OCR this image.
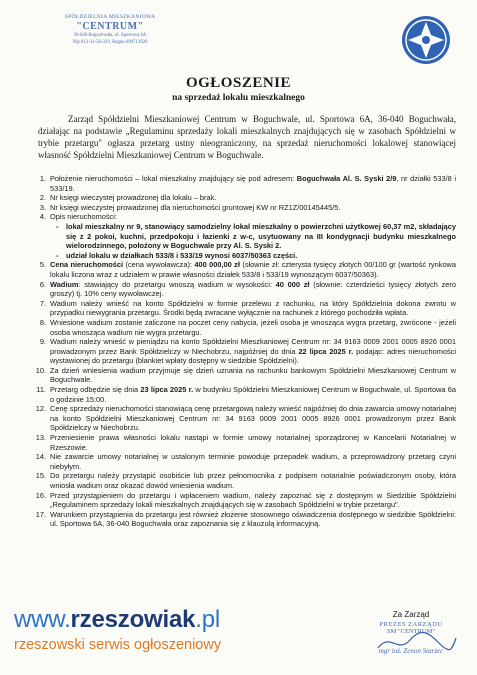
SPÓŁDZIELNIA MIESZKANIOWA
"CENTRUM"
36-040 Boguchwała, ul. Sportowa 6A
Nip 813-31-56-339, Regon 690713926
OGŁOSZENIE
na sprzedaż lokalu mieszkalnego
Zarząd Spółdzielni Mieszkaniowej Centrum w Boguchwale, ul. Sportowa 6A, 36-040 Boguchwała, działając na podstawie „Regulaminu sprzedaży lokali mieszkalnych znajdujących się w zasobach Spółdzielni w trybie przetargu" ogłasza przetarg ustny nieograniczony, na sprzedaż nieruchomości lokalowej stanowiącej własność Spółdzielni Mieszkaniowej Centrum w Boguchwale.
1. Położenie nieruchomości – lokal mieszkalny znajdujący się pod adresem: Boguchwała Al. S. Syski 2/9, nr działki 533/8 i 533/19.
2. Nr księgi wieczystej prowadzonej dla lokalu – brak.
3. Nr księgi wieczystej prowadzonej dla nieruchomości gruntowej KW nr RZ1Z/00145445/5.
4. Opis nieruchomości:
-	lokal mieszkalny nr 9, stanowiący samodzielny lokal mieszkalny o powierzchni użytkowej 60,37 m2, składający się z 2 pokoi, kuchni, przedpokoju i łazienki z w-c, usytuowany na III kondygnacji budynku mieszkalnego wielorodzinnego, położony w Boguchwale przy Al. S. Syski 2.
-	udział lokalu w działkach 533/8 i 533/19 wynosi 6037/50363 części.
5. Cena nieruchomości (cena wywoławcza): 400 000,00 zł (słownie zł: czterysta tysięcy złotych 00/100 gr (wartość rynkowa lokalu liczona wraz z udziałem w prawie własności działek 533/8 i 533/19 wynoszącym 6037/50363).
6. Wadium: stawiający do przetargu wnoszą wadium w wysokości: 40 000 zł (słownie: czterdzieści tysięcy złotych zero groszy) tj. 10% ceny wywoławczej.
7. Wadium należy wnieść na konto Spółdzielni w formie przelewu z rachunku, na który Spółdzielnia dokona zwrotu w przypadku niewygrania przetargu. Środki będą zwracane wyłącznie na rachunek z którego pochodziła wpłata.
8. Wniesione wadium zostanie zaliczone na poczet ceny nabycia, jeżeli osoba je wnosząca wygra przetarg, zwrócone - jeżeli osoba wnosząca wadium nie wygra przetargu.
9. Wadium należy wnieść w pieniądzu na konto Spółdzielni Mieszkaniowej Centrum nr: 34 9163 0009 2001 0005 8926 0001 prowadzonym przez Bank Spółdzielczy w Niechobrzu, najpóźniej do dnia 22 lipca 2025 r. podając: adres nieruchomości wystawionej do przetargu (blankiet wpłaty dostępny w siedzibie Spółdzielni).
10. Za dzień wniesienia wadium przyjmuje się dzień uznania na rachunku bankowym Spółdzielni Mieszkaniowej Centrum w Boguchwale.
11. Przetarg odbędzie się dnia 23 lipca 2025 r. w budynku Spółdzielni Mieszkaniowej Centrum w Boguchwale, ul. Sportowa 6a o godzinie 15:00.
12. Cenę sprzedaży nieruchomości stanowiącą cenę przetargową należy wnieść najpóźniej do dnia zawarcia umowy notarialnej na konto Spółdzielni Mieszkaniowej Centrum nr: 34 9163 0009 2001 0005 8926 0001 prowadzonym przez Bank Spółdzielczy w Niechobrzu.
13. Przeniesienie prawa własności lokalu nastąpi w formie umowy notarialnej sporządzonej w Kancelarii Notarialnej w Rzeszowie.
14. Nie zawarcie umowy notarialnej w ustalonym terminie powoduje przepadek wadium, a przeprowadzony przetarg czyni niebyłym.
15. Do przetargu należy przystąpić osobiście lub przez pełnomocnika z podpisem notarialnie poświadczonym osoby, która wniosła wadium oraz okazać dowód wniesienia wadium.
16. Przed przystąpieniem do przetargu i wpłaceniem wadium, należy zapoznać się z dostępnym w Siedzibie Spółdzielni „Regulaminem sprzedaży lokali mieszkalnych znajdujących się w zasobach Spółdzielni w trybie przetargu".
17. Warunkiem przystąpienia do przetargu jest również złożenie stosownego oświadczenia dostępnego w siedzibie Spółdzielni: ul. Sportowa 6A, 36-040 Boguchwała oraz zapoznania się z klauzulą informacyjną.
www.rzeszowiak.pl
rzeszowski serwis ogłoszeniowy
Za Zarząd
PREZES ZARZĄDU
SM "CENTRUM"
mgr inż. Zenon Starzec
